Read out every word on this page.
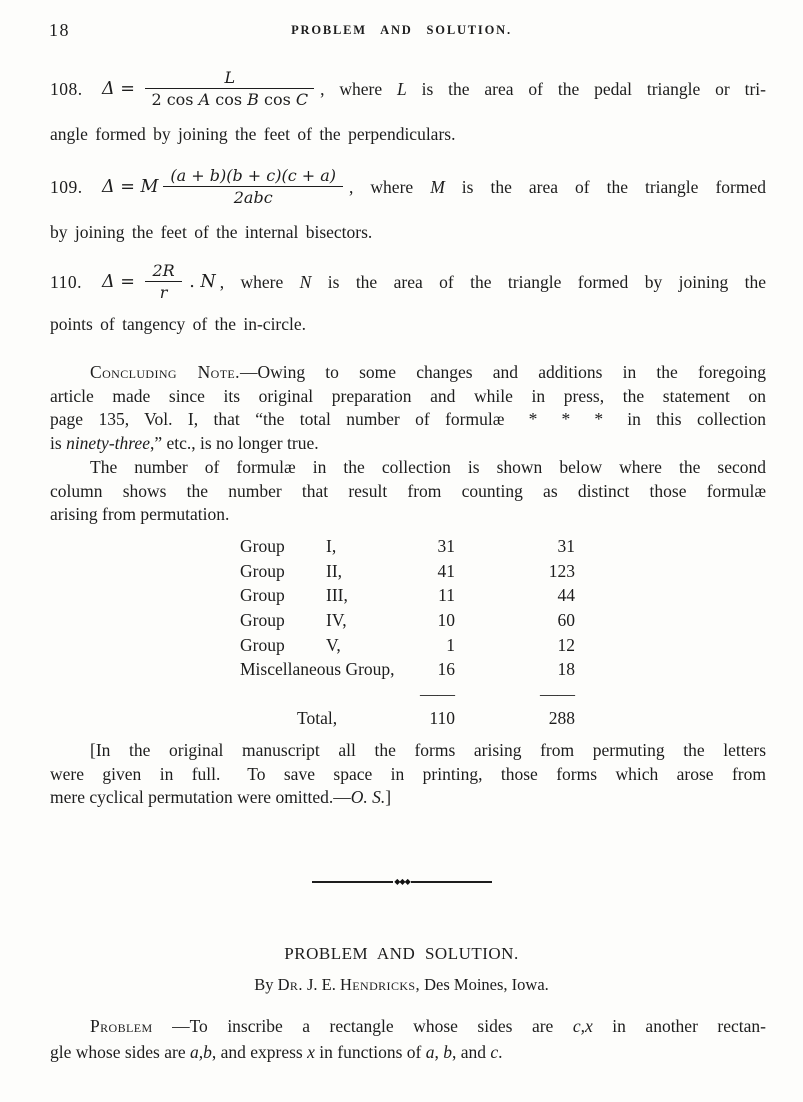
18	PROBLEM AND SOLUTION.
108.	$\Delta = \frac{L}{\text{2 cos A cos B cos C}}$ , where L is the area of the pedal triangle or tri-
angle formed by joining the feet of the perpendiculars.
109.	Δ = M $\frac{(a + b)(b + c)(c + a)}{\text{2abc}}$ , where M is the area of the triangle formed
by joining the feet of the internal bisectors.
110.	$\Delta = \frac{2R}{r}$ . N , where N is the area of the triangle formed by joining the
points of tangency of the in-circle.
Concluding Note.—Owing to some changes and additions in the foregoing
article made since its original preparation and while in press, the statement on
page 135, Vol. I, that “the total number of formulæ  *  *  *  in this collection
is ninety-three,” etc., is no longer true.
The number of formulæ in the collection is shown below where the second
column shows the number that result from counting as distinct those formulæ
arising from permutation.
Group I,	31	31
Group II,	41	123
Group III,	11	44
Group IV,	10	60
Group V,	1	12
Miscellaneous Group,	16	18
——	——
Total,	110	288
[In the original manuscript all the forms arising from permuting the letters
were given in full.  To save space in printing, those forms which arose from
mere cyclical permutation were omitted.—O. S.]
◆◆◆
PROBLEM AND SOLUTION.
By Dr. J. E. Hendricks, Des Moines, Iowa.
Problem —To inscribe a rectangle whose sides are c,x in another rectan-
gle whose sides are a,b, and express x in functions of a, b, and c.
